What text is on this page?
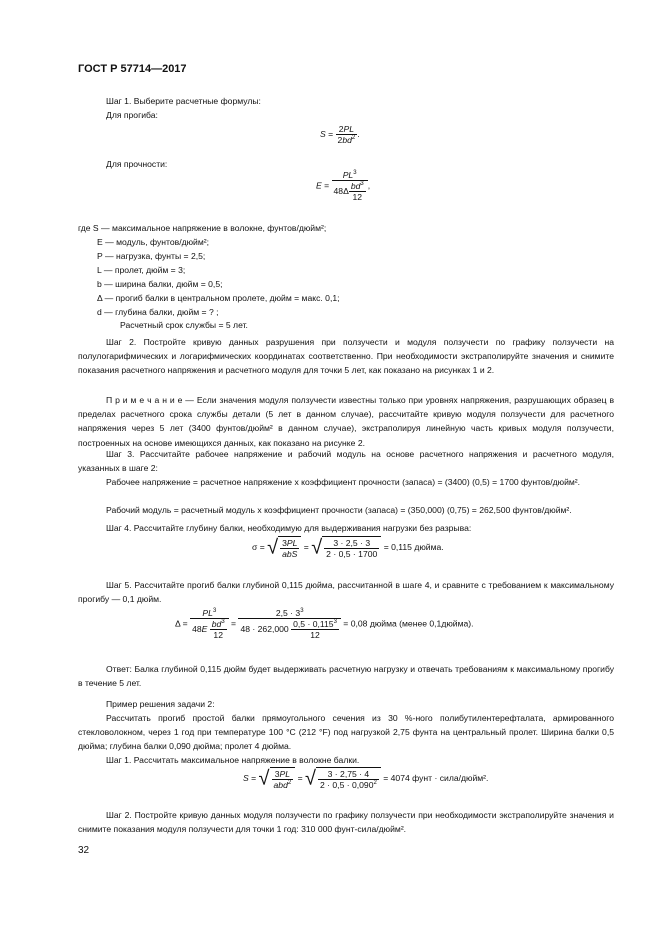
ГОСТ Р 57714—2017
Шаг 1. Выберите расчетные формулы:
Для прогиба:
$S = \frac{2PL}{2bd^2}$ .
Для прочности:
$E = \frac{PL^3}{48\Delta \frac{bd^3}{12}}$ ,
где S — максимальное напряжение в волокне, фунтов/дюйм²;
E — модуль, фунтов/дюйм²;
P — нагрузка, фунты = 2,5;
L — пролет, дюйм = 3;
b — ширина балки, дюйм = 0,5;
Δ — прогиб балки в центральном пролете, дюйм = макс. 0,1;
d — глубина балки, дюйм = ? ;
Расчетный срок службы = 5 лет.
Шаг 2. Постройте кривую данных разрушения при ползучести и модуля ползучести по графику ползучести на полулогарифмических и логарифмических координатах соответственно. При необходимости экстраполируйте значения и снимите показания расчетного напряжения и расчетного модуля для точки 5 лет, как показано на рисунках 1 и 2.
П р и м е ч а н и е — Если значения модуля ползучести известны только при уровнях напряжения, разрушающих образец в пределах расчетного срока службы детали (5 лет в данном случае), рассчитайте кривую модуля ползучести для расчетного напряжения через 5 лет (3400 фунтов/дюйм² в данном случае), экстраполируя линейную часть кривых модуля ползучести, построенных на основе имеющихся данных, как показано на рисунке 2.
Шаг 3. Рассчитайте рабочее напряжение и рабочий модуль на основе расчетного напряжения и расчетного модуля, указанных в шаге 2:
Рабочее напряжение = расчетное напряжение x коэффициент прочности (запаса) = (3400) (0,5) = 1700 фунтов/дюйм².
Рабочий модуль = расчетный модуль x коэффициент прочности (запаса) = (350,000) (0,75) = 262,500 фунтов/дюйм².
Шаг 4. Рассчитайте глубину балки, необходимую для выдерживания нагрузки без разрыва:
σ = √ $\frac{3PL}{\text{abS}}$ = √ $\frac{3 \cdot 2,5 \cdot 3}{2 \cdot 0,5 \cdot 1700} = 0,115$ дюйма.
Шаг 5. Рассчитайте прогиб балки глубиной 0,115 дюйма, рассчитанной в шаге 4, и сравните с требованием к максимальному прогибу — 0,1 дюйм.
$\Delta = \frac{PL^3}{48E \frac{bd^3}{12}} = \frac{2,5 \cdot 3^3}{48 \cdot 262,000 \frac{0,5 \cdot 0,115^3}{12}} = 0,08$ дюйма (менее 0,1дюйма).
Ответ: Балка глубиной 0,115 дюйм будет выдерживать расчетную нагрузку и отвечать требованиям к максимальному прогибу в течение 5 лет.
Пример решения задачи 2:
Рассчитать прогиб простой балки прямоугольного сечения из 30 %-ного полибутилентерефталата, армированного стекловолокном, через 1 год при температуре 100 °С (212 °F) под нагрузкой 2,75 фунта на центральный пролет. Ширина балки 0,5 дюйма; глубина балки 0,090 дюйма; пролет 4 дюйма.
Шаг 1. Рассчитать максимальное напряжение в волокне балки.
S = √ $\frac{3PL}{abd^2}$ = √ $\frac{3 \cdot 2,75 \cdot 4}{2 \cdot 0,5 \cdot 0,090^2} = 4074$ фунт · сила/дюйм².
Шаг 2. Постройте кривую данных модуля ползучести по графику ползучести при необходимости экстраполируйте значения и снимите показания модуля ползучести для точки 1 год: 310 000 фунт-сила/дюйм².
32
